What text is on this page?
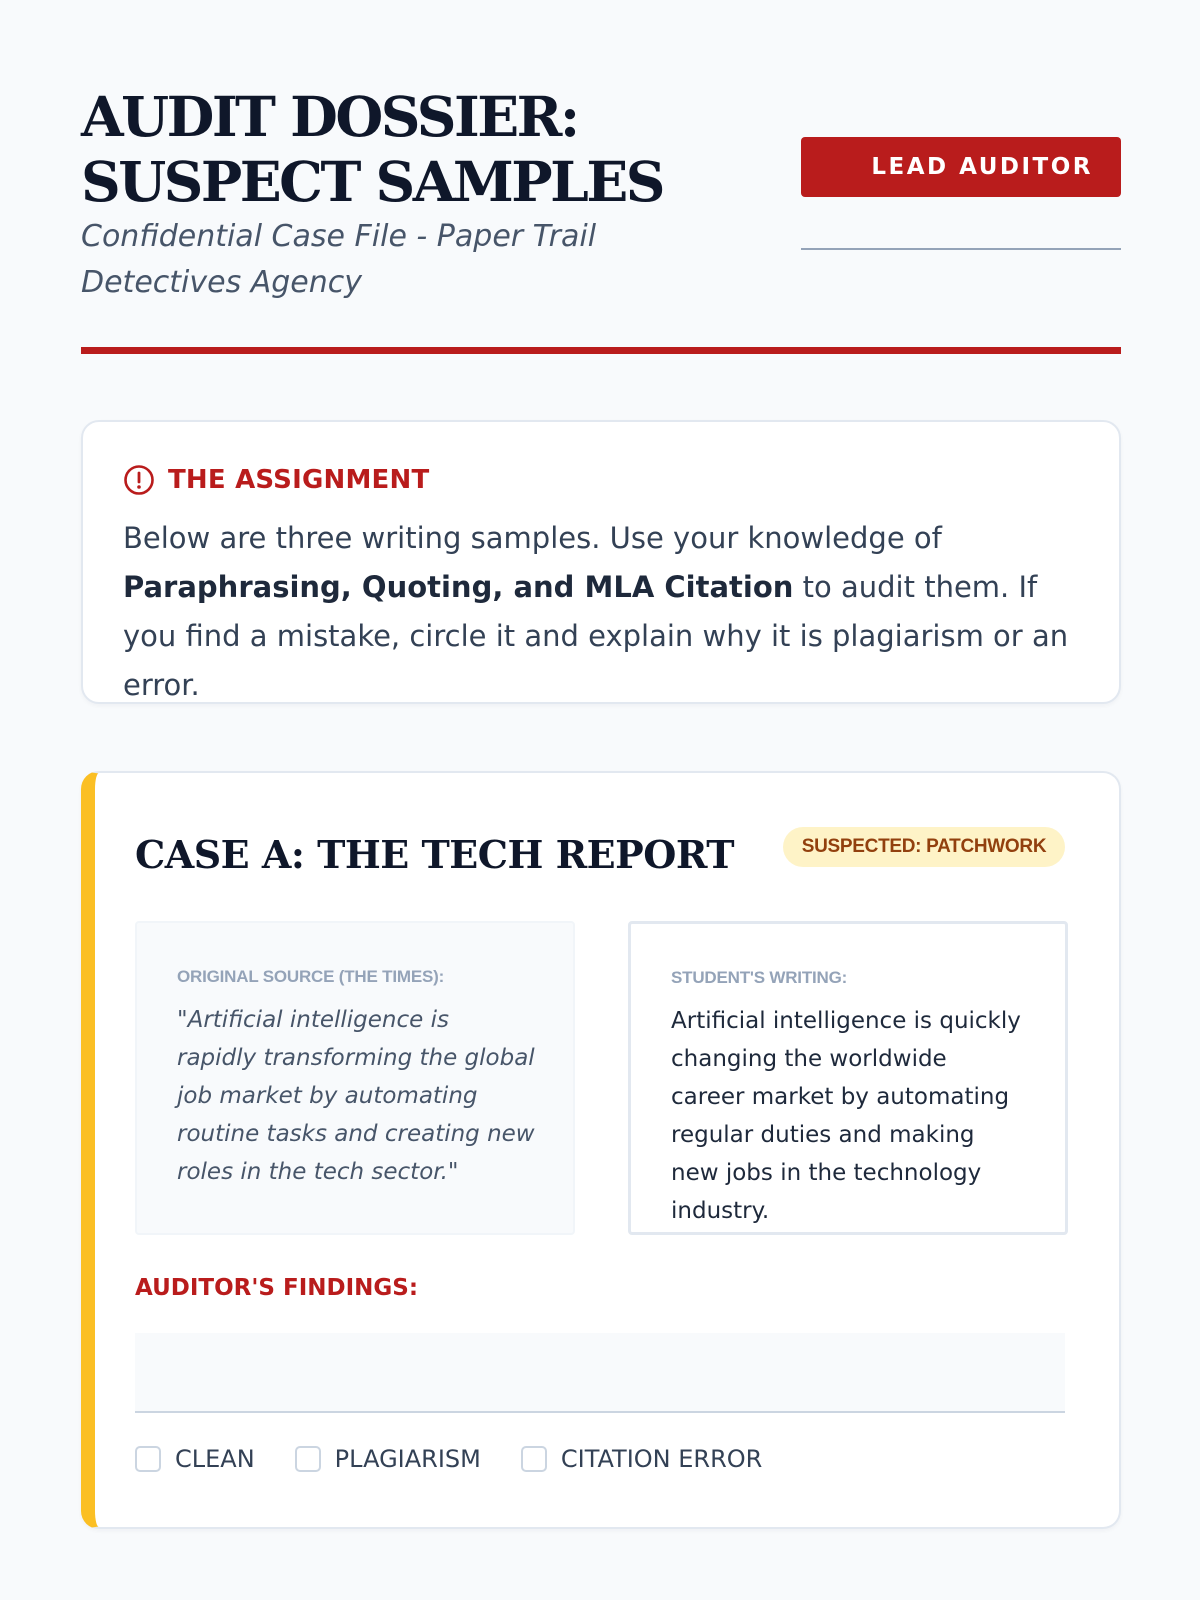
AUDIT DOSSIER: SUSPECT SAMPLES

Confidential Case File - Paper Trail Detectives Agency

LEAD AUDITOR
THE ASSIGNMENT

Below are three writing samples. Use your knowledge of Paraphrasing, Quoting, and MLA Citation to audit them. If you find a mistake, circle it and explain why it is plagiarism or an error.

CASE A: THE TECH REPORT	SUSPECTED: PATCHWORK

ORIGINAL SOURCE (THE TIMES):

"Artificial intelligence is rapidly transforming the global job market by automating routine tasks and creating new roles in the tech sector."

STUDENT'S WRITING:

Artificial intelligence is quickly changing the worldwide career market by automating regular duties and making new jobs in the technology industry.

AUDITOR'S FINDINGS:

CLEAN	PLAGIARISM	CITATION ERROR
